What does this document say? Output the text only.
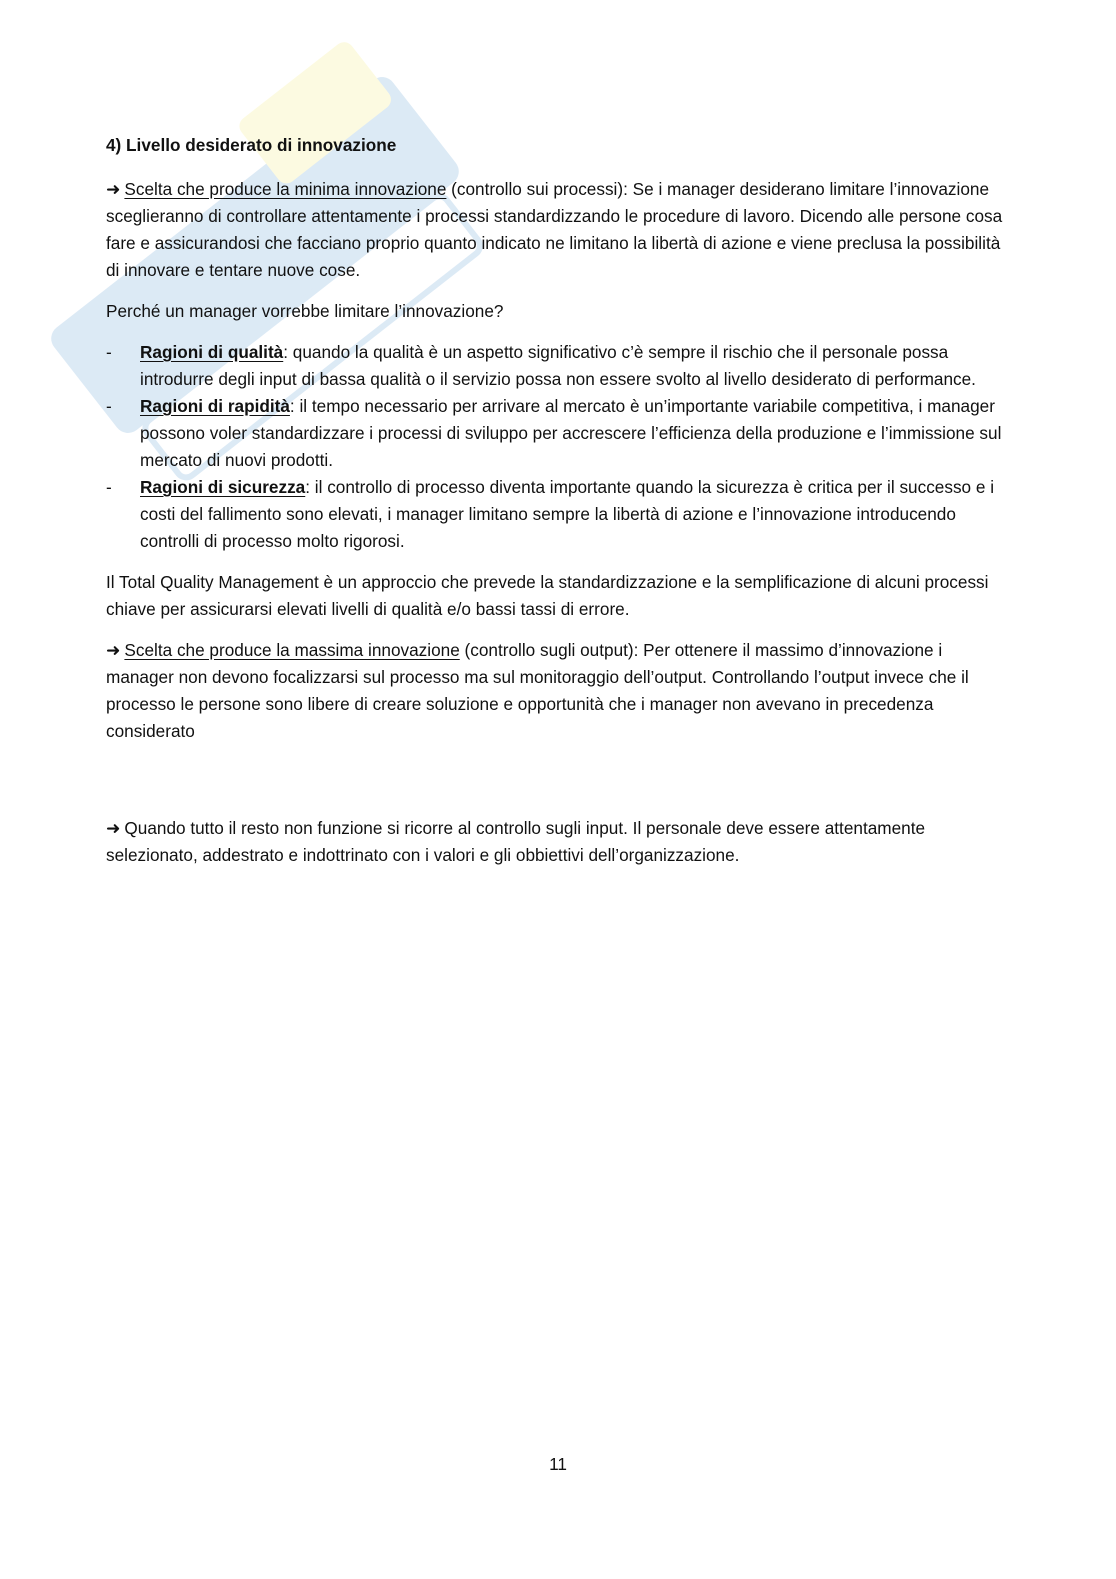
4) Livello desiderato di innovazione

➜ Scelta che produce la minima innovazione (controllo sui processi): Se i manager desiderano limitare l’innovazione sceglieranno di controllare attentamente i processi standardizzando le procedure di lavoro. Dicendo alle persone cosa fare e assicurandosi che facciano proprio quanto indicato ne limitano la libertà di azione e viene preclusa la possibilità di innovare e tentare nuove cose.

Perché un manager vorrebbe limitare l’innovazione?

- Ragioni di qualità: quando la qualità è un aspetto significativo c’è sempre il rischio che il personale possa introdurre degli input di bassa qualità o il servizio possa non essere svolto al livello desiderato di performance.
- Ragioni di rapidità: il tempo necessario per arrivare al mercato è un’importante variabile competitiva, i manager possono voler standardizzare i processi di sviluppo per accrescere l’efficienza della produzione e l’immissione sul mercato di nuovi prodotti.
- Ragioni di sicurezza: il controllo di processo diventa importante quando la sicurezza è critica per il successo e i costi del fallimento sono elevati, i manager limitano sempre la libertà di azione e l’innovazione introducendo controlli di processo molto rigorosi.

Il Total Quality Management è un approccio che prevede la standardizzazione e la semplificazione di alcuni processi chiave per assicurarsi elevati livelli di qualità e/o bassi tassi di errore.

➜ Scelta che produce la massima innovazione (controllo sugli output): Per ottenere il massimo d’innovazione i manager non devono focalizzarsi sul processo ma sul monitoraggio dell’output. Controllando l’output invece che il processo le persone sono libere di creare soluzione e opportunità che i manager non avevano in precedenza considerato

➜ Quando tutto il resto non funzione si ricorre al controllo sugli input. Il personale deve essere attentamente selezionato, addestrato e indottrinato con i valori e gli obbiettivi dell’organizzazione.

11
